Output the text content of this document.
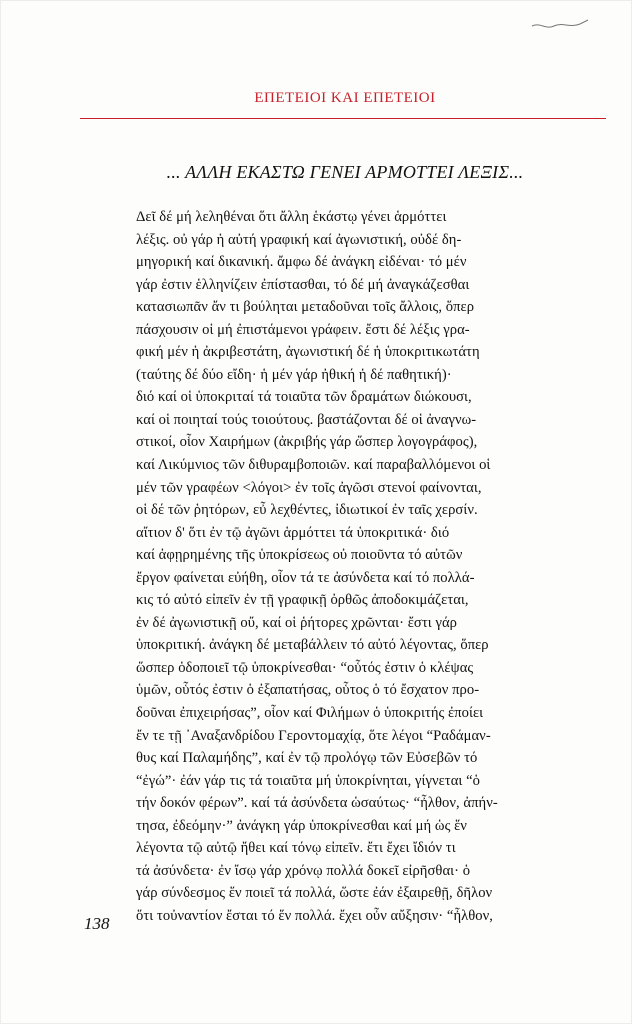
ΕΠΕΤΕΙΟΙ ΚΑΙ ΕΠΕΤΕΙΟΙ
... ΑΛΛΗ ΕΚΑΣΤΩ ΓΕΝΕΙ ΑΡΜΟΤΤΕΙ ΛΕΞΙΣ...
Δεῖ δέ μή λεληθέναι ὅτι ἄλλη ἑκάστῳ γένει ἁρμόττει
λέξις. οὐ γάρ ἡ αὐτή γραφική καί ἀγωνιστική, οὐδέ δη-
μηγορική καί δικανική. ἄμφω δέ ἀνάγκη εἰδέναι· τό μέν
γάρ ἐστιν ἑλληνίζειν ἐπίστασθαι, τό δέ μή ἀναγκάζεσθαι
κατασιωπᾶν ἄν τι βούληται μεταδοῦναι τοῖς ἄλλοις, ὅπερ
πάσχουσιν οἱ μή ἐπιστάμενοι γράφειν. ἔστι δέ λέξις γρα-
φική μέν ἡ ἀκριβεστάτη, ἀγωνιστική δέ ἡ ὑποκριτικωτάτη
(ταύτης δέ δύο εἴδη· ἡ μέν γάρ ἠθική ἡ δέ παθητική)·
διό καί οἱ ὑποκριταί τά τοιαῦτα τῶν δραμάτων διώκουσι,
καί οἱ ποιηταί τούς τοιούτους. βαστάζονται δέ οἱ ἀναγνω-
στικοί, οἷον Χαιρήμων (ἀκριβής γάρ ὥσπερ λογογράφος),
καί Λικύμνιος τῶν διθυραμβοποιῶν. καί παραβαλλόμενοι οἱ
μέν τῶν γραφέων <λόγοι> ἐν τοῖς ἀγῶσι στενοί φαίνονται,
οἱ δέ τῶν ῥητόρων, εὖ λεχθέντες, ἰδιωτικοί ἐν ταῖς χερσίν.
αἴτιον δ' ὅτι ἐν τῷ ἀγῶνι ἁρμόττει τά ὑποκριτικά· διό
καί ἀφῃρημένης τῆς ὑποκρίσεως οὐ ποιοῦντα τό αὐτῶν
ἔργον φαίνεται εὐήθη, οἷον τά τε ἀσύνδετα καί τό πολλά-
κις τό αὐτό εἰπεῖν ἐν τῇ γραφικῇ ὀρθῶς ἀποδοκιμάζεται,
ἐν δέ ἀγωνιστικῇ οὔ, καί οἱ ῥήτορες χρῶνται· ἔστι γάρ
ὑποκριτική. ἀνάγκη δέ μεταβάλλειν τό αὐτό λέγοντας, ὅπερ
ὥσπερ ὁδοποιεῖ τῷ ὑποκρίνεσθαι· “οὗτός ἐστιν ὁ κλέψας
ὑμῶν, οὗτός ἐστιν ὁ ἐξαπατήσας, οὗτος ὁ τό ἔσχατον προ-
δοῦναι ἐπιχειρήσας”, οἷον καί Φιλήμων ὁ ὑποκριτής ἐποίει
ἔν τε τῇ ᾿Αναξανδρίδου Γεροντομαχίᾳ, ὅτε λέγοι “Ραδάμαν-
θυς καί Παλαμήδης”, καί ἐν τῷ προλόγῳ τῶν Εὐσεβῶν τό
“ἐγώ”· ἐάν γάρ τις τά τοιαῦτα μή ὑποκρίνηται, γίγνεται “ὁ
τήν δοκόν φέρων”. καί τά ἀσύνδετα ὡσαύτως· “ἦλθον, ἀπήν-
τησα, ἐδεόμην·” ἀνάγκη γάρ ὑποκρίνεσθαι καί μή ὡς ἕν
λέγοντα τῷ αὐτῷ ἤθει καί τόνῳ εἰπεῖν. ἔτι ἔχει ἴδιόν τι
τά ἀσύνδετα· ἐν ἴσῳ γάρ χρόνῳ πολλά δοκεῖ εἰρῆσθαι· ὁ
γάρ σύνδεσμος ἕν ποιεῖ τά πολλά, ὥστε ἐάν ἐξαιρεθῇ, δῆλον
ὅτι τοὐναντίον ἔσται τό ἕν πολλά. ἔχει οὖν αὔξησιν· “ἦλθον,
138
